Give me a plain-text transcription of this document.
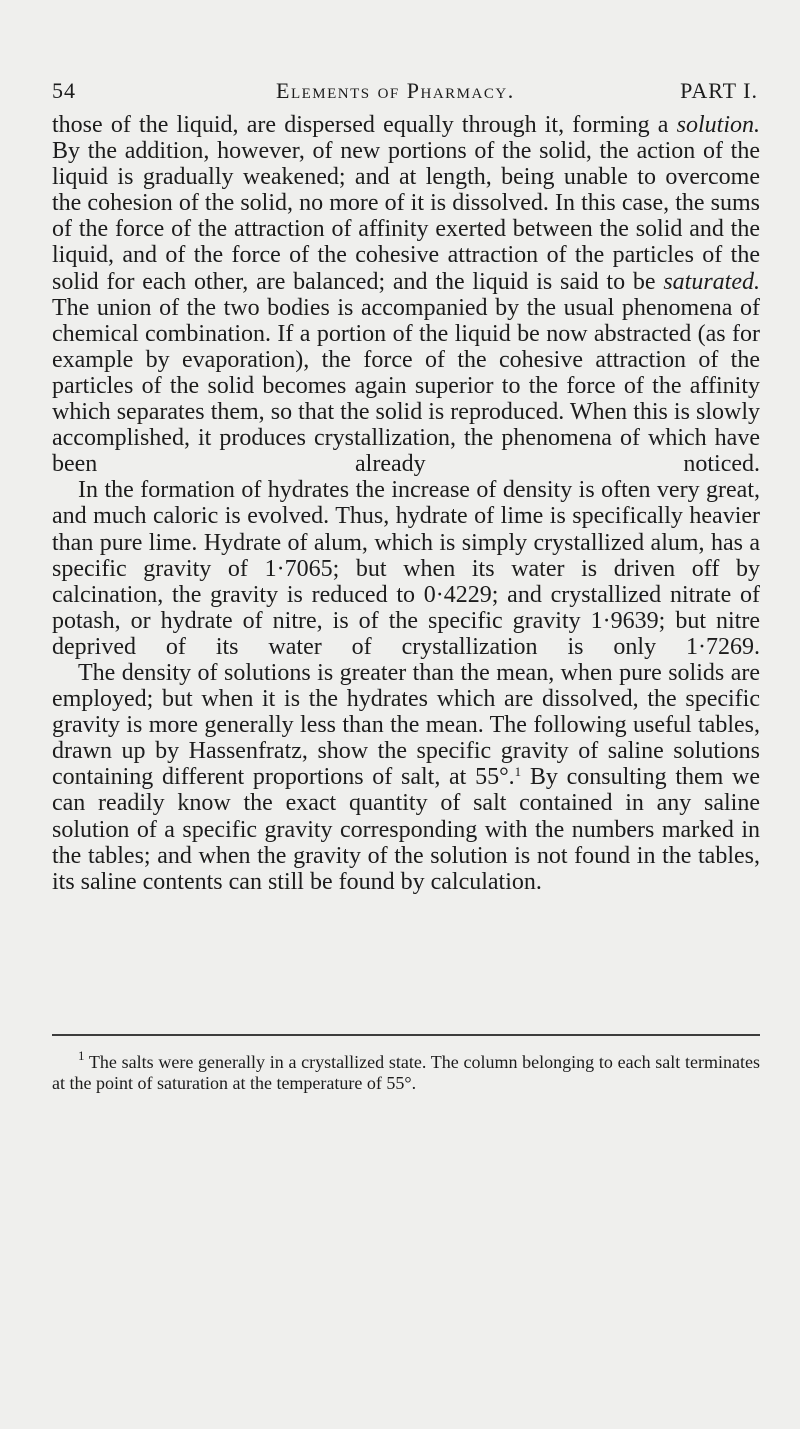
54	Elements of Pharmacy.	PART I.

those of the liquid, are dispersed equally through it, forming a solution. By the addition, however, of new portions of the solid, the action of the liquid is gradually weakened; and at length, being unable to overcome the cohesion of the solid, no more of it is dissolved. In this case, the sums of the force of the attraction of affinity exerted between the solid and the liquid, and of the force of the cohesive attraction of the particles of the solid for each other, are balanced; and the liquid is said to be saturated. The union of the two bodies is accompanied by the usual phenomena of chemical combination. If a portion of the liquid be now abstracted (as for example by evaporation), the force of the cohesive attraction of the particles of the solid becomes again superior to the force of the affinity which separates them, so that the solid is reproduced. When this is slowly accomplished, it produces crystallization, the phenomena of which have been already noticed.

In the formation of hydrates the increase of density is often very great, and much caloric is evolved. Thus, hydrate of lime is specifically heavier than pure lime. Hydrate of alum, which is simply crystallized alum, has a specific gravity of 1·7065; but when its water is driven off by calcination, the gravity is reduced to 0·4229; and crystallized nitrate of potash, or hydrate of nitre, is of the specific gravity 1·9639; but nitre deprived of its water of crystallization is only 1·7269.

The density of solutions is greater than the mean, when pure solids are employed; but when it is the hydrates which are dissolved, the specific gravity is more generally less than the mean. The following useful tables, drawn up by Hassenfratz, show the specific gravity of saline solutions containing different proportions of salt, at 55°.$^1$ By consulting them we can readily know the exact quantity of salt contained in any saline solution of a specific gravity corresponding with the numbers marked in the tables; and when the gravity of the solution is not found in the tables, its saline contents can still be found by calculation.

$^1$ The salts were generally in a crystallized state. The column belonging to each salt terminates at the point of saturation at the temperature of 55°.
